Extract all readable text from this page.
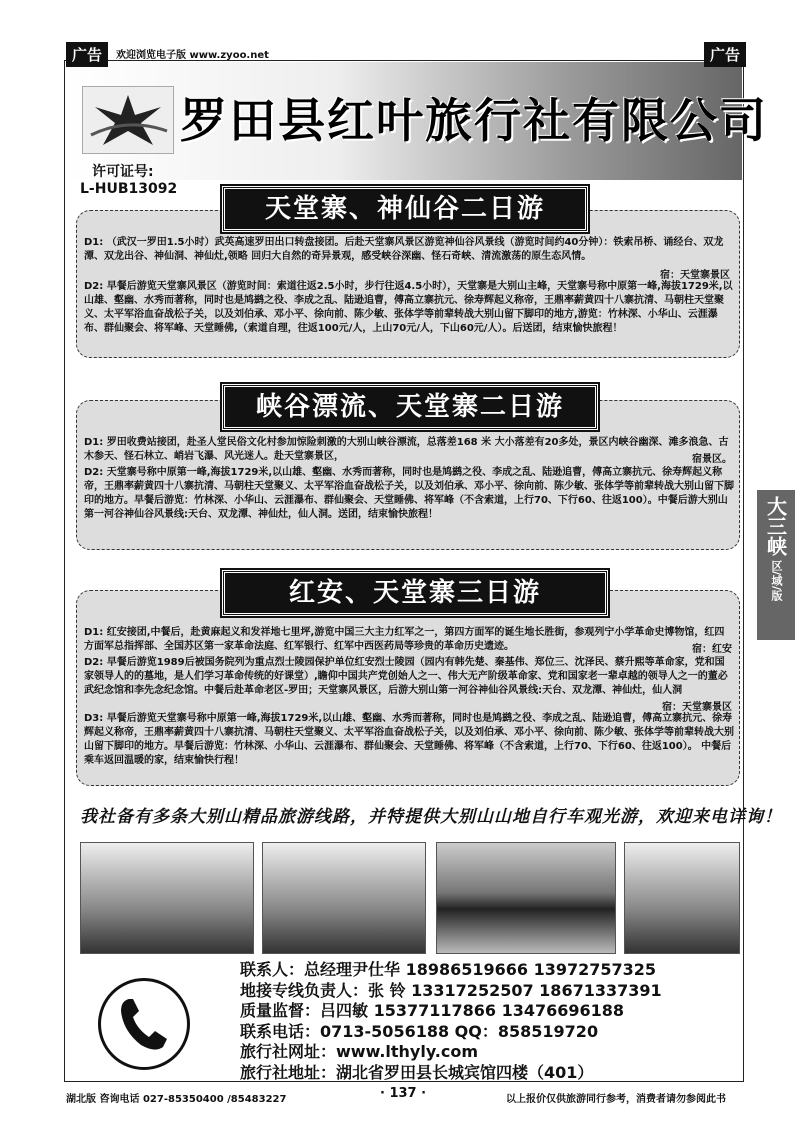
广告	欢迎浏览电子版 www.zyoo.net	广告
罗田县红叶旅行社有限公司
许可证号:
L-HUB13092
天堂寨、神仙谷二日游

D1: （武汉一罗田1.5小时）武英高速罗田出口转盘接团。后赴天堂寨风景区游览神仙谷风景线（游览时间约40分钟）：铁索吊桥、诵经台、双龙潭、双龙出谷、神仙洞、神仙灶,领略 回归大自然的奇异景观，感受峡谷深幽、怪石奇峡、清流激荡的原生态风情。

宿：天堂寨景区

D2: 早餐后游览天堂寨风景区（游览时间：索道往返2.5小时，步行往返4.5小时），天堂寨是大别山主峰，天堂寨号称中原第一峰,海拔1729米,以山雄、壑幽、水秀而著称，同时也是鸠鹚之役、李成之乱、陆逊追曹，傅高立寨抗元、徐寿辉起义称帝，王鼎率薪黄四十八寨抗清、马朝柱天堂聚义、太平军浴血奋战松子关，以及刘伯承、邓小平、徐向前、陈少敏、张体学等前辈转战大别山留下脚印的地方,游览：竹林深、小华山、云涯瀑布、群仙聚会、将军峰、天堂睡佛,（索道自理，往返100元/人，上山70元/人，下山60元/人）。后送团，结束愉快旅程！

峡谷漂流、天堂寨二日游

D1: 罗田收费站接团，赴圣人堂民俗文化村参加惊险刺激的大别山峡谷漂流，总落差168 米 大小落差有20多处，景区内峡谷幽深、滩多浪急、古木参天、怪石林立、峭岩飞瀑、风光迷人。赴天堂寨景区，	宿景区。

D2: 天堂寨号称中原第一峰,海拔1729米,以山雄、壑幽、水秀而著称，同时也是鸠鹚之役、李成之乱、陆逊追曹，傅高立寨抗元、徐寿辉起义称帝，王鼎率薪黄四十八寨抗清、马朝柱天堂聚义、太平军浴血奋战松子关，以及刘伯承、邓小平、徐向前、陈少敏、张体学等前辈转战大别山留下脚印的地方。早餐后游览：竹林深、小华山、云涯瀑布、群仙聚会、天堂睡佛、将军峰（不含索道，上行70、下行60、往返100）。中餐后游大别山第一河谷神仙谷风景线:天台、双龙潭、神仙灶，仙人洞。送团，结束愉快旅程！

红安、天堂寨三日游

D1: 红安接团,中餐后，赴黄麻起义和发祥地七里坪,游览中国三大主力红军之一，第四方面军的诞生地长胜街，参观列宁小学革命史博物馆，红四方面军总指挥部、全国苏区第一家革命法庭、红军银行、红军中西医药局等珍贵的革命历史遗迹。	宿：红安

D2: 早餐后游览1989后被国务院列为重点烈士陵园保护单位红安烈士陵园（园内有韩先楚、秦基伟、郑位三、沈泽民、蔡升熙等革命家，党和国家领导人的的墓地，是人们学习革命传统的好课堂）,瞻仰中国共产党创始人之一、伟大无产阶级革命家、党和国家老一辈卓越的领导人之一的董必武纪念馆和李先念纪念馆。中餐后赴革命老区-罗田；天堂寨风景区，后游大别山第一河谷神仙谷风景线:天台、双龙潭、神仙灶，仙人洞

宿：天堂寨景区

D3: 早餐后游览天堂寨号称中原第一峰,海拔1729米,以山雄、壑幽、水秀而著称，同时也是鸠鹚之役、李成之乱、陆逊追曹，傅高立寨抗元、徐寿辉起义称帝，王鼎率薪黄四十八寨抗清、马朝柱天堂聚义、太平军浴血奋战松子关，以及刘伯承、邓小平、徐向前、陈少敏、张体学等前辈转战大别山留下脚印的地方。早餐后游览：竹林深、小华山、云涯瀑布、群仙聚会、天堂睡佛、将军峰（不含索道，上行70、下行60、往返100）。 中餐后乘车返回温暖的家，结束愉快行程！

大三峡
区/域/版
我社备有多条大别山精品旅游线路，并特提供大别山山地自行车观光游，欢迎来电详询！
联系人：总经理尹仕华 18986519666 13972757325
地接专线负责人：张 铃 13317252507 18671337391
质量监督：吕四敏 15377117866 13476696188
联系电话：0713-5056188 QQ：858519720
旅行社网址：www.lthyly.com
旅行社地址：湖北省罗田县长城宾馆四楼（401）
湖北版 咨询电话 027-85350400 /85483227	· 137 ·	以上报价仅供旅游同行参考，消费者请勿参阅此书
